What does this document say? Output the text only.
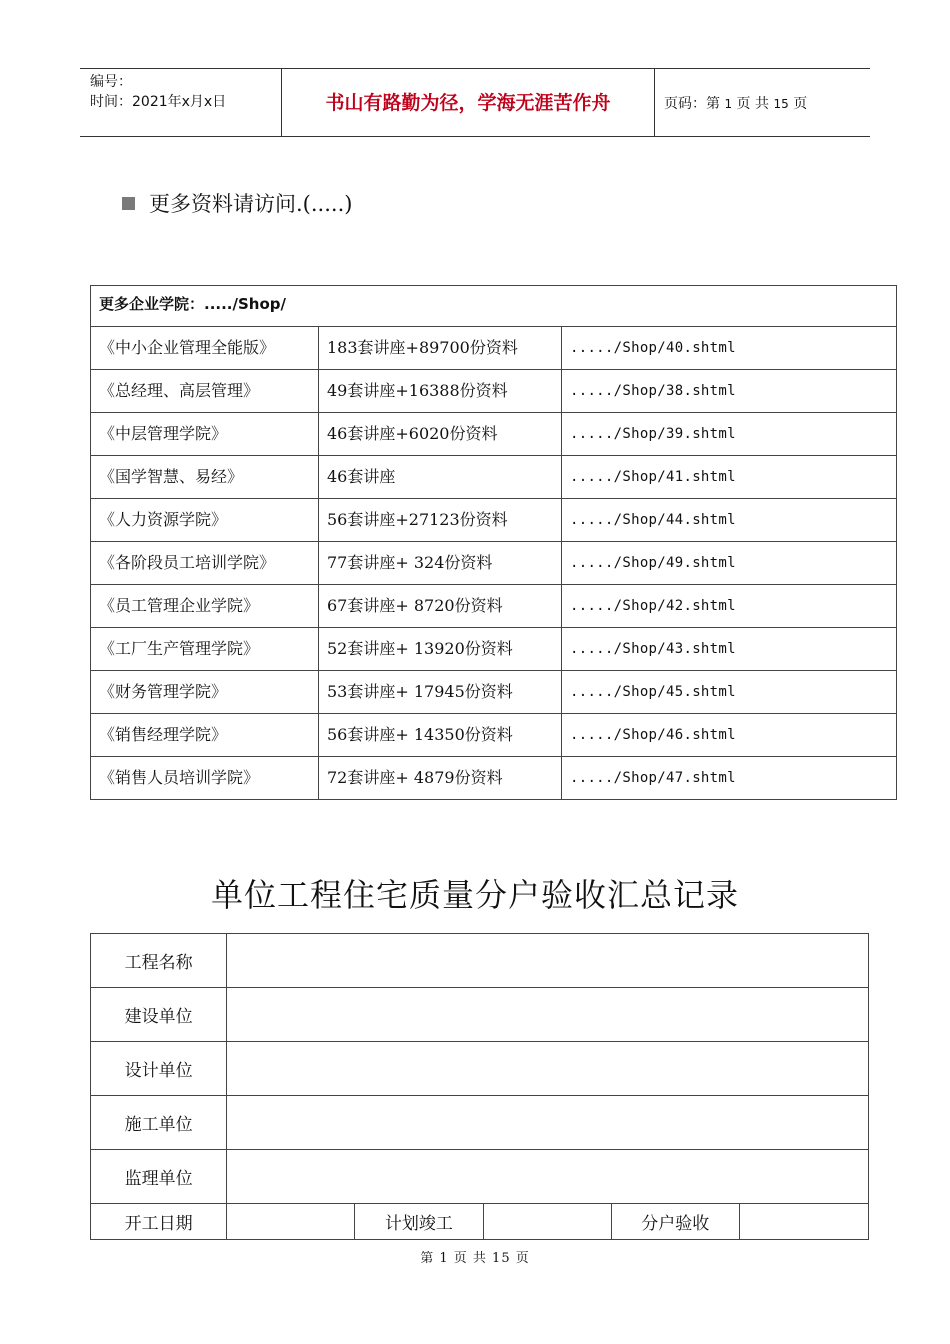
编号：
时间：2021年x月x日	书山有路勤为径，学海无涯苦作舟	页码：第 1 页 共 15 页
更多资料请访问.(.....)
更多企业学院：...../Shop/		
《中小企业管理全能版》	183套讲座+89700份资料	...../Shop/40.shtml
《总经理、高层管理》	49套讲座+16388份资料	...../Shop/38.shtml
《中层管理学院》	46套讲座+6020份资料	...../Shop/39.shtml
《国学智慧、易经》	46套讲座	...../Shop/41.shtml
《人力资源学院》	56套讲座+27123份资料	...../Shop/44.shtml
《各阶段员工培训学院》	77套讲座+ 324份资料	...../Shop/49.shtml
《员工管理企业学院》	67套讲座+ 8720份资料	...../Shop/42.shtml
《工厂生产管理学院》	52套讲座+ 13920份资料	...../Shop/43.shtml
《财务管理学院》	53套讲座+ 17945份资料	...../Shop/45.shtml
《销售经理学院》	56套讲座+ 14350份资料	...../Shop/46.shtml
《销售人员培训学院》	72套讲座+ 4879份资料	...../Shop/47.shtml
单位工程住宅质量分户验收汇总记录
工程名称					
建设单位					
设计单位					
施工单位					
监理单位					
开工日期		计划竣工		分户验收	
第 1 页 共 15 页
